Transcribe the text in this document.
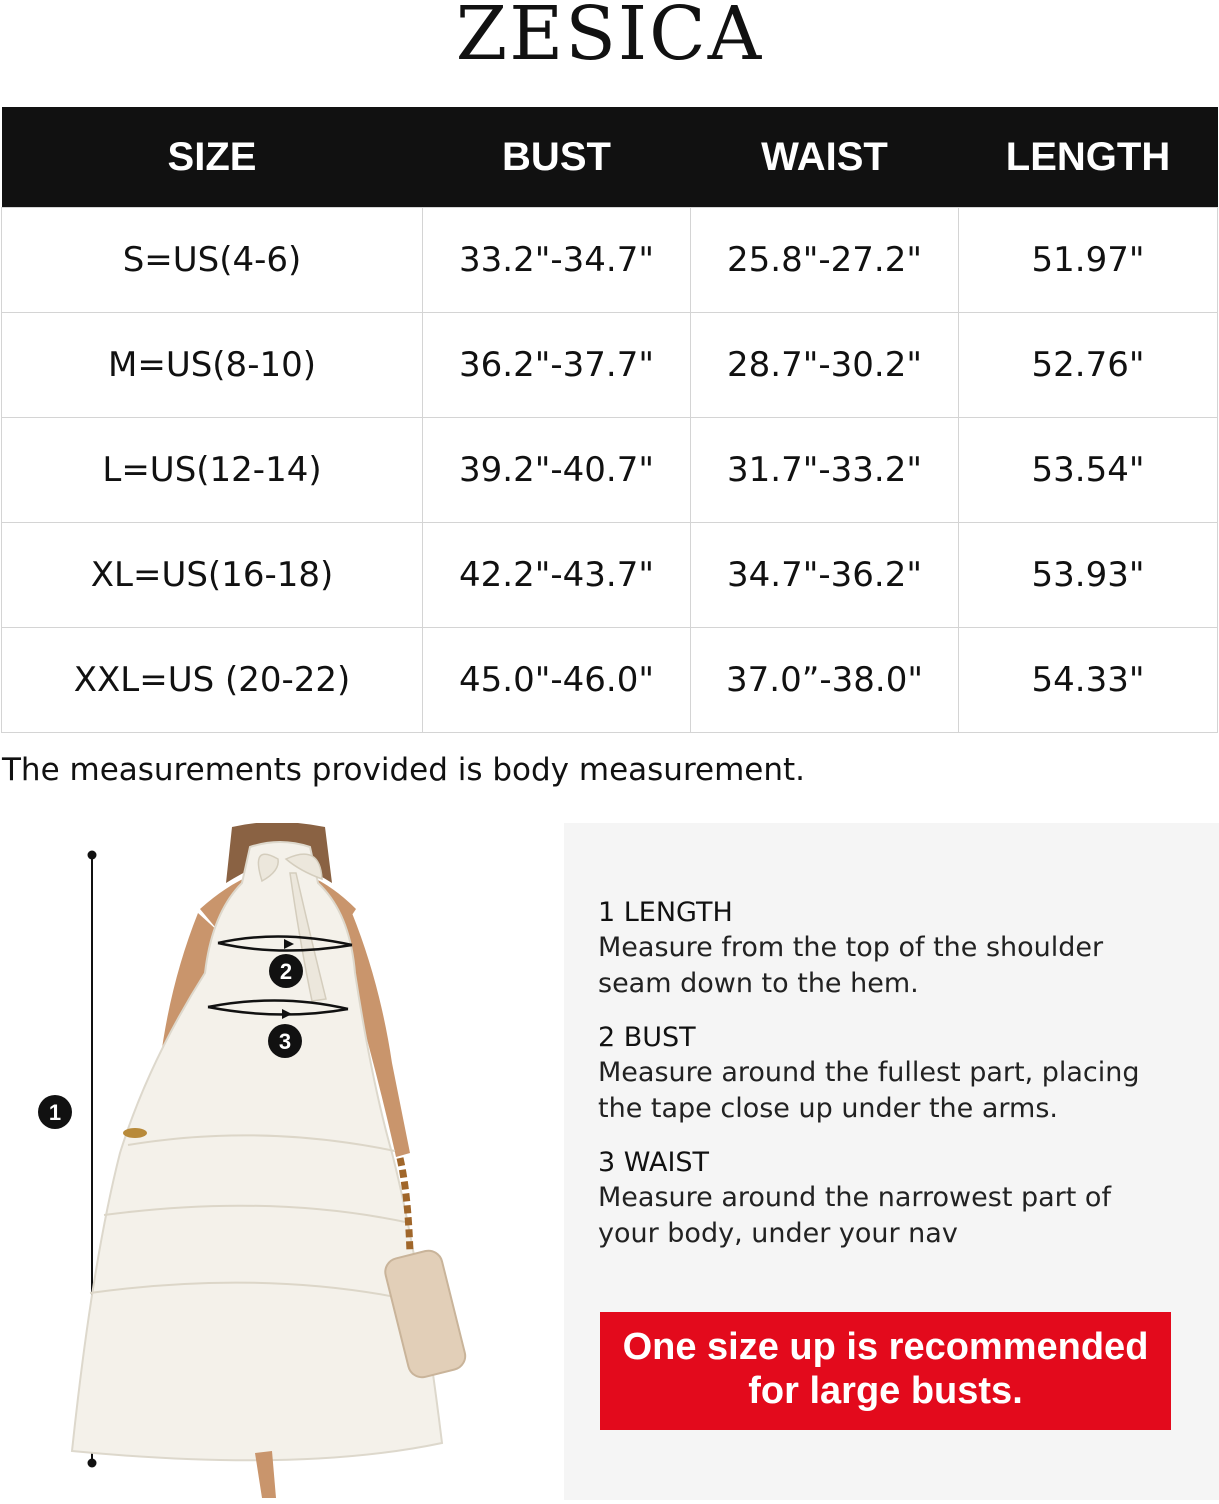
ZESICA
SIZE	BUST	WAIST	LENGTH
S=US(4-6)	33.2"-34.7"	25.8"-27.2"	51.97"
M=US(8-10)	36.2"-37.7"	28.7"-30.2"	52.76"
L=US(12-14)	39.2"-40.7"	31.7"-33.2"	53.54"
XL=US(16-18)	42.2"-43.7"	34.7"-36.2"	53.93"
XXL=US (20-22)	45.0"-46.0"	37.0”-38.0"	54.33"
The measurements provided is body measurement.
1
2
3
1 LENGTH
Measure from the top of the shoulder
seam down to the hem.
2 BUST
Measure around the fullest part, placing
the tape close up under the arms.
3 WAIST
Measure around the narrowest part of
your body, under your nav
One size up is recommended
for large busts.
